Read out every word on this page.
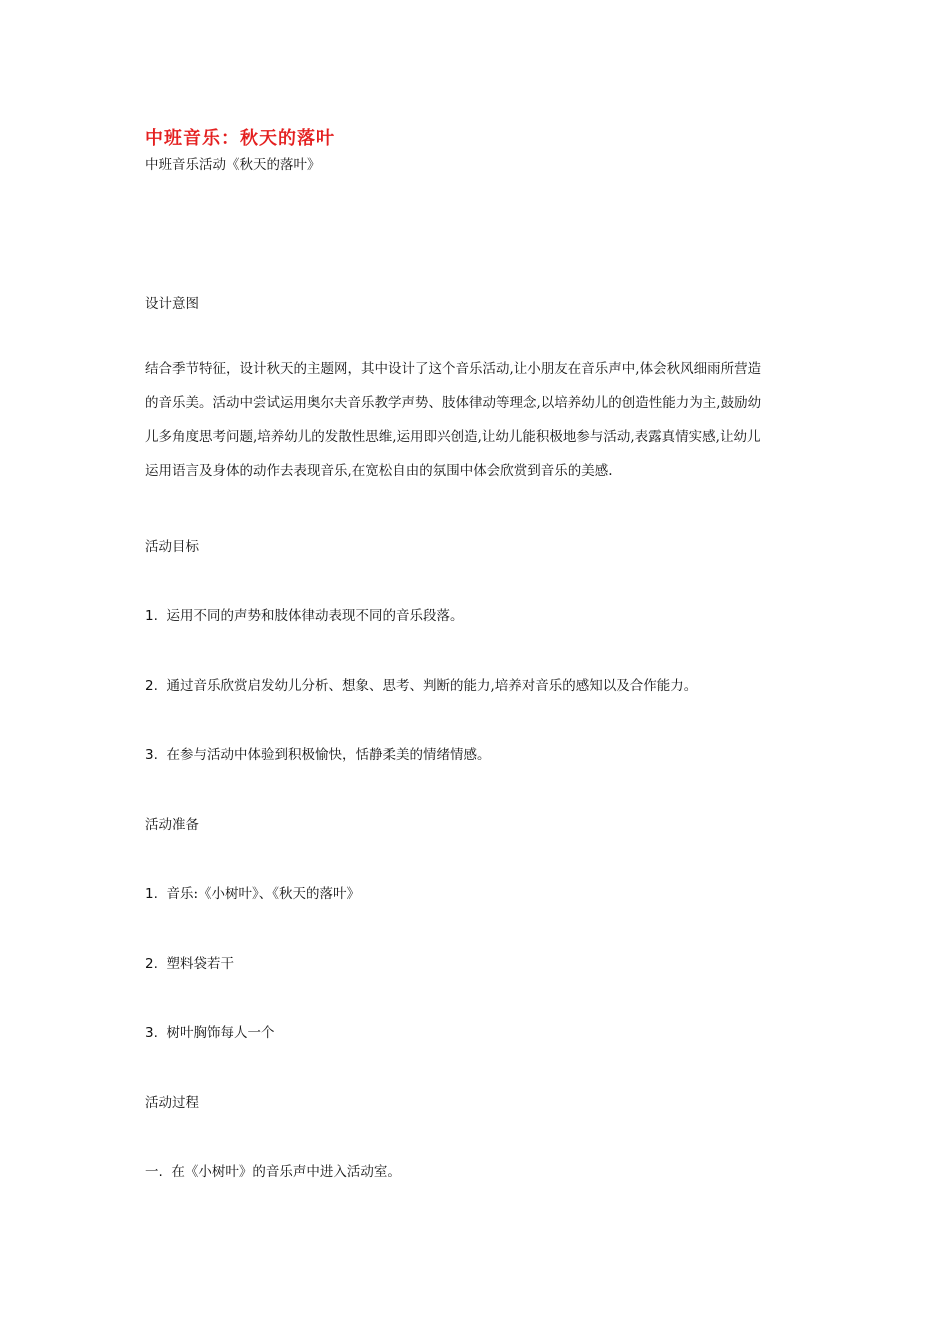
中班音乐：秋天的落叶
中班音乐活动《秋天的落叶》
设计意图
结合季节特征，设计秋天的主题网，其中设计了这个音乐活动,让小朋友在音乐声中,体会秋风细雨所营造
的音乐美。活动中尝试运用奥尔夫音乐教学声势、肢体律动等理念,以培养幼儿的创造性能力为主,鼓励幼
儿多角度思考问题,培养幼儿的发散性思维,运用即兴创造,让幼儿能积极地参与活动,表露真情实感,让幼儿
运用语言及身体的动作去表现音乐,在宽松自由的氛围中体会欣赏到音乐的美感.
活动目标
1. 运用不同的声势和肢体律动表现不同的音乐段落。
2. 通过音乐欣赏启发幼儿分析、想象、思考、判断的能力,培养对音乐的感知以及合作能力。
3. 在参与活动中体验到积极愉快，恬静柔美的情绪情感。
活动准备
1. 音乐:《小树叶》、《秋天的落叶》
2. 塑料袋若干
3. 树叶胸饰每人一个
活动过程
一. 在《小树叶》的音乐声中进入活动室。
